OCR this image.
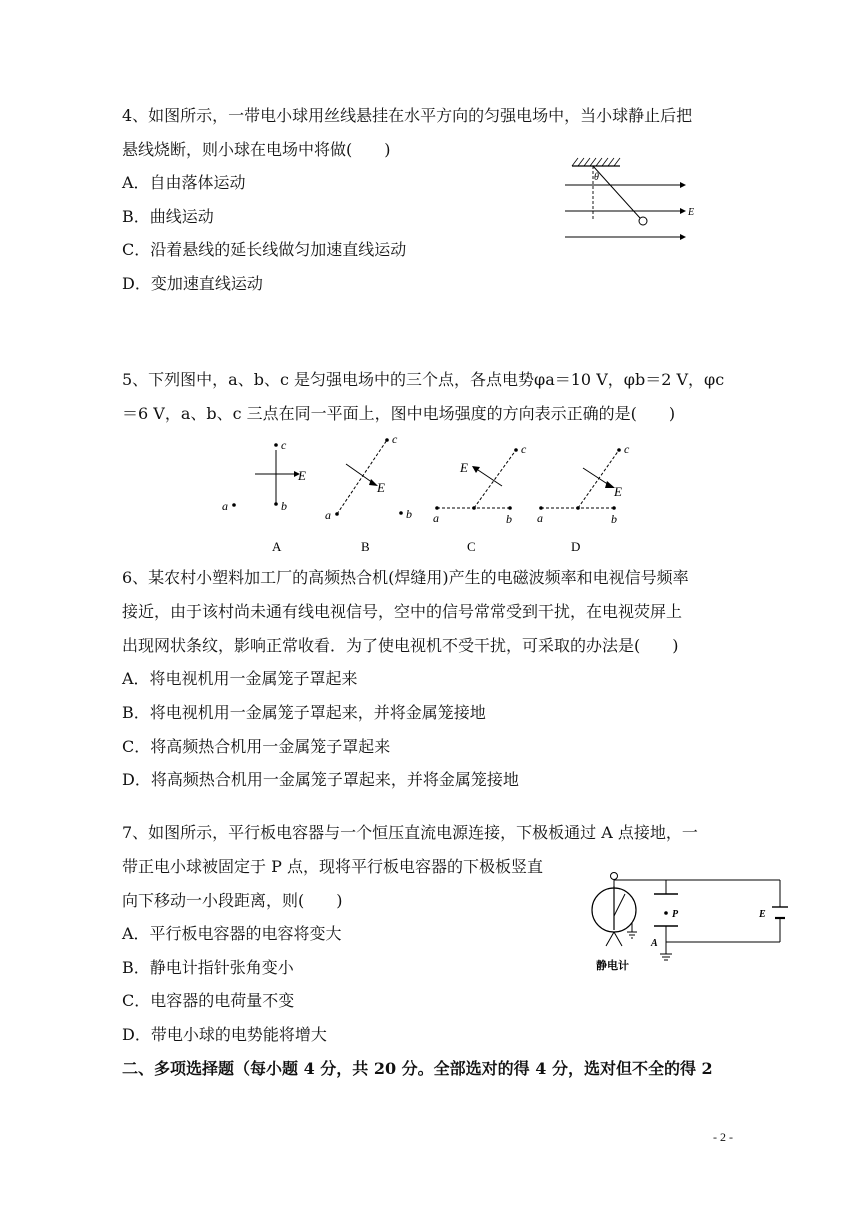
4、如图所示，一带电小球用丝线悬挂在水平方向的匀强电场中，当小球静止后把
悬线烧断，则小球在电场中将做(　　)
A．自由落体运动
B．曲线运动
C．沿着悬线的延长线做匀加速直线运动
D．变加速直线运动
θ
E
5、下列图中，a、b、c 是匀强电场中的三个点，各点电势φa＝10 V，φb＝2 V，φc
＝6 V，a、b、c 三点在同一平面上，图中电场强度的方向表示正确的是(　　)
c
E
b
a
A
c
E
a	b
B
c
E
a	b
C
c
E
a	b
D
6、某农村小塑料加工厂的高频热合机(焊缝用)产生的电磁波频率和电视信号频率
接近，由于该村尚未通有线电视信号，空中的信号常常受到干扰，在电视荧屏上
出现网状条纹，影响正常收看．为了使电视机不受干扰，可采取的办法是(　　)
A．将电视机用一金属笼子罩起来
B．将电视机用一金属笼子罩起来，并将金属笼接地
C．将高频热合机用一金属笼子罩起来
D．将高频热合机用一金属笼子罩起来，并将金属笼接地
7、如图所示，平行板电容器与一个恒压直流电源连接，下极板通过 A 点接地，一
带正电小球被固定于 P 点，现将平行板电容器的下极板竖直
向下移动一小段距离，则(　　)
A．平行板电容器的电容将变大
B．静电计指针张角变小
C．电容器的电荷量不变
D．带电小球的电势能将增大
P
A
E
静电计
二、多项选择题（每小题 4 分，共 20 分。全部选对的得 4 分，选对但不全的得 2
- 2 -
